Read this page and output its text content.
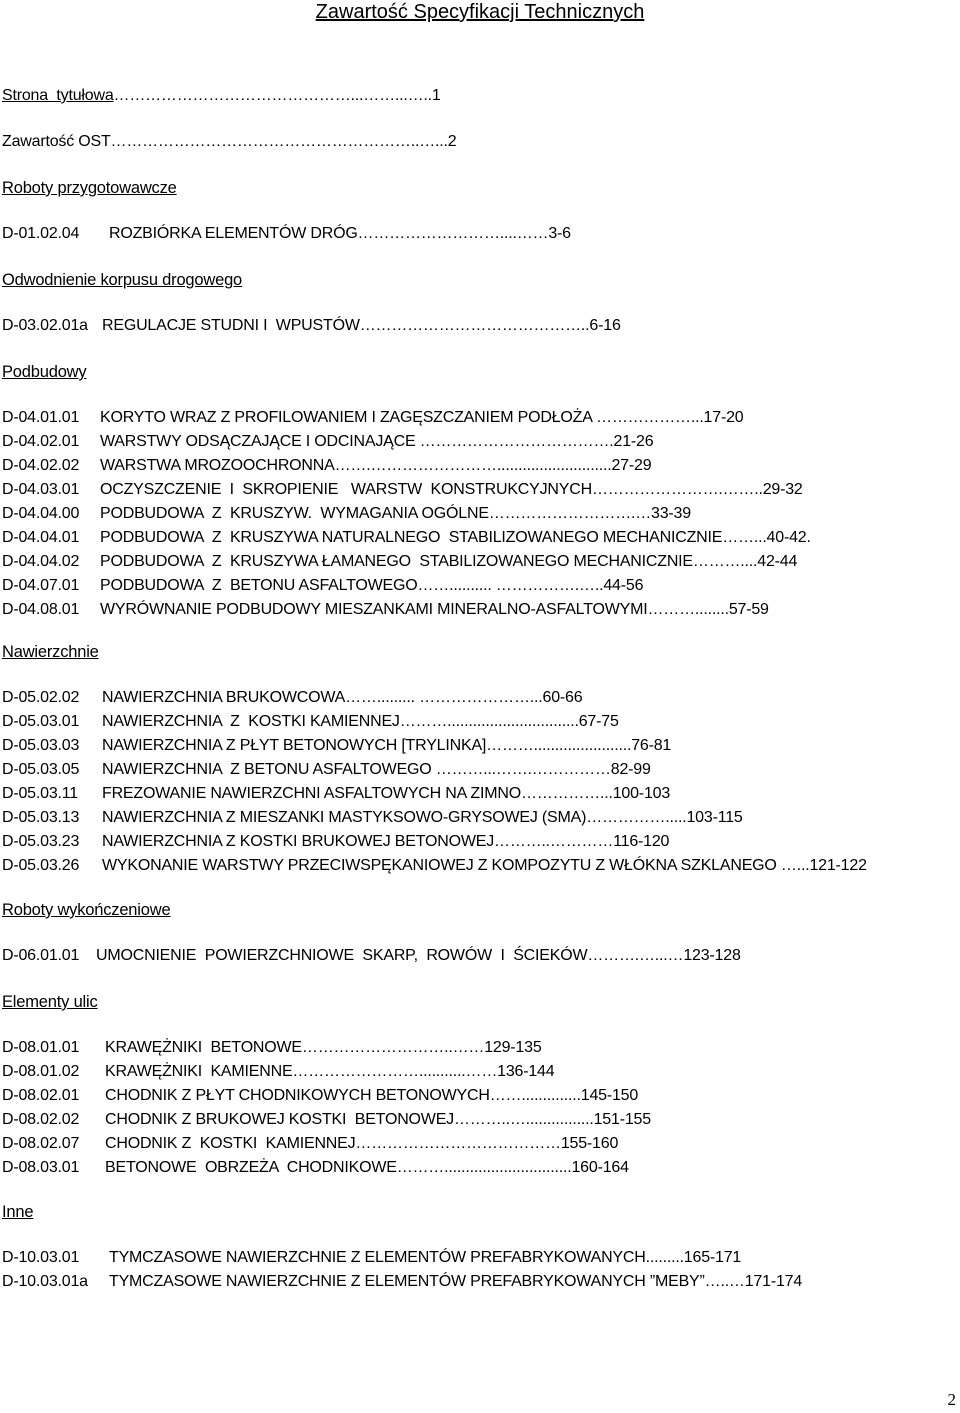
Zawartość Specyfikacji Technicznych
Strona  tytułowa………………………………………...……...…..1
Zawartość OST…………………………………………………..…...2
Roboty przygotowawcze
D-01.02.04 ROZBIÓRKA ELEMENTÓW DRÓG………………………....……3-6
Odwodnienie korpusu drogowego
D-03.02.01a REGULACJE STUDNI I  WPUSTÓW……………………………………..6-16
Podbudowy
D-04.01.01 KORYTO WRAZ Z PROFILOWANIEM I ZAGĘSZCZANIEM PODŁOŻA ………………...17-20
D-04.02.01 WARSTWY ODSĄCZAJĄCE I ODCINAJĄCE ……………………………….21-26
D-04.02.02 WARSTWA MROZOOCHRONNA…….……………………...........................27-29
D-04.03.01 OCZYSZCZENIE  I  SKROPIENIE   WARSTW  KONSTRUKCYJNYCH…………………….……..29-32
D-04.04.00 PODBUDOWA  Z  KRUSZYW.  WYMAGANIA OGÓLNE……………………….…33-39
D-04.04.01 PODBUDOWA  Z  KRUSZYWA NATURALNEGO  STABILIZOWANEGO MECHANICZNIE……...40-42.
D-04.04.02 PODBUDOWA  Z  KRUSZYWA ŁAMANEGO  STABILIZOWANEGO MECHANICZNIE………....42-44
D-04.07.01 PODBUDOWA  Z  BETONU ASFALTOWEGO…….......... …………….…..44-56
D-04.08.01 WYRÓWNANIE PODBUDOWY MIESZANKAMI MINERALNO-ASFALTOWYMI………........57-59
Nawierzchnie
D-05.02.02 NAWIERZCHNIA BRUKOWCOWA……......... …………………...60-66
D-05.03.01 NAWIERZCHNIA  Z  KOSTKI KAMIENNEJ………...............................67-75
D-05.03.03 NAWIERZCHNIA Z PŁYT BETONOWYCH [TRYLINKA]……….......................76-81
D-05.03.05 NAWIERZCHNIA  Z BETONU ASFALTOWEGO ………...…….……………82-99
D-05.03.11 FREZOWANIE NAWIERZCHNI ASFALTOWYCH NA ZIMNO……………...100-103
D-05.03.13 NAWIERZCHNIA Z MIESZANKI MASTYKSOWO-GRYSOWEJ (SMA)…………….....103-115
D-05.03.23 NAWIERZCHNIA Z KOSTKI BRUKOWEJ BETONOWEJ………..…………116-120
D-05.03.26 WYKONANIE WARSTWY PRZECIWSPĘKANIOWEJ Z KOMPOZYTU Z WŁÓKNA SZKLANEGO …...121-122
Roboty wykończeniowe
D-06.01.01 UMOCNIENIE  POWIERZCHNIOWE  SKARP,  ROWÓW  I  ŚCIEKÓW……….…...…123-128
Elementy ulic
D-08.01.01 KRAWĘŻNIKI  BETONOWE………………………..……129-135
D-08.01.02 KRAWĘŻNIKI  KAMIENNE……………………...........……136-144
D-08.02.01 CHODNIK Z PŁYT CHODNIKOWYCH BETONOWYCH……..............145-150
D-08.02.02 CHODNIK Z BRUKOWEJ KOSTKI  BETONOWEJ………..…................151-155
D-08.02.07 CHODNIK Z  KOSTKI  KAMIENNEJ…………………………………155-160
D-08.03.01 BETONOWE  OBRZEŻA  CHODNIKOWE………..............................160-164
Inne
D-10.03.01 TYMCZASOWE NAWIERZCHNIE Z ELEMENTÓW PREFABRYKOWANYCH.........165-171
D-10.03.01a TYMCZASOWE NAWIERZCHNIE Z ELEMENTÓW PREFABRYKOWANYCH ”MEBY”…..…171-174
2
